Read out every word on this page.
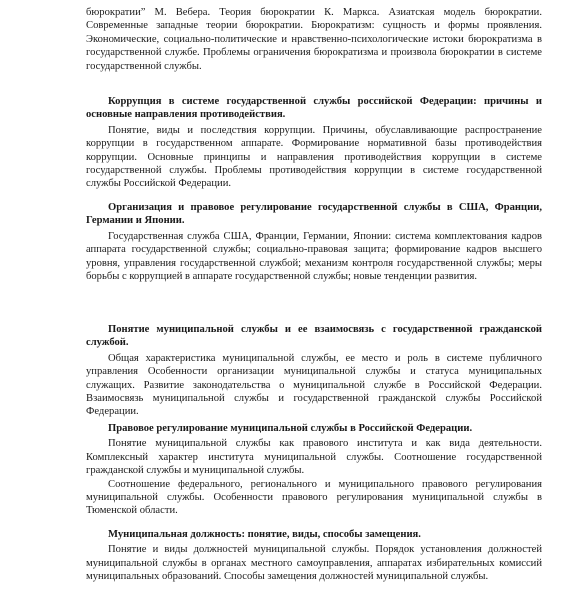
бюрократии” М. Вебера. Теория бюрократии К. Маркса. Азиатская модель бюрократии. Современные западные теории бюрократии. Бюрократизм: сущность и формы проявления. Экономические, социально-политические и нравственно-психологические истоки бюрократизма в государственной службе. Проблемы ограничения бюрократизма и произвола бюрократии в системе государственной службы.

Коррупция в системе государственной службы российской Федерации: причины и основные направления противодействия.

Понятие, виды и последствия коррупции. Причины, обуславливающие распространение коррупции в государственном аппарате. Формирование нормативной базы противодействия коррупции. Основные принципы и направления противодействия коррупции в системе государственной службы. Проблемы противодействия коррупции в системе государственной службы Российской Федерации.

Организация и правовое регулирование государственной службы в США, Франции, Германии и Японии.

Государственная служба США, Франции, Германии, Японии: система комплектования кадров аппарата государственной службы; социально-правовая защита; формирование кадров высшего уровня, управления государственной службой; механизм контроля государственной службы; меры борьбы с коррупцией в аппарате государственной службы; новые тенденции развития.

Понятие муниципальной службы и ее взаимосвязь с государственной гражданской службой.

Общая характеристика муниципальной службы, ее место и роль в системе публичного управления Особенности организации муниципальной службы и статуса муниципальных служащих. Развитие законодательства о муниципальной службе в Российской Федерации. Взаимосвязь муниципальной службы и государственной гражданской службы Российской Федерации.

Правовое регулирование муниципальной службы в Российской Федерации.

Понятие муниципальной службы как правового института и как вида деятельности. Комплексный характер института муниципальной службы. Соотношение государственной гражданской службы и муниципальной службы.

Соотношение федерального, регионального и муниципального правового регулирования муниципальной службы. Особенности правового регулирования муниципальной службы в Тюменской области.

Муниципальная должность: понятие, виды, способы замещения.

Понятие и виды должностей муниципальной службы. Порядок установления должностей муниципальной службы в органах местного самоуправления, аппаратах избирательных комиссий муниципальных образований. Способы замещения должностей муниципальной службы.
